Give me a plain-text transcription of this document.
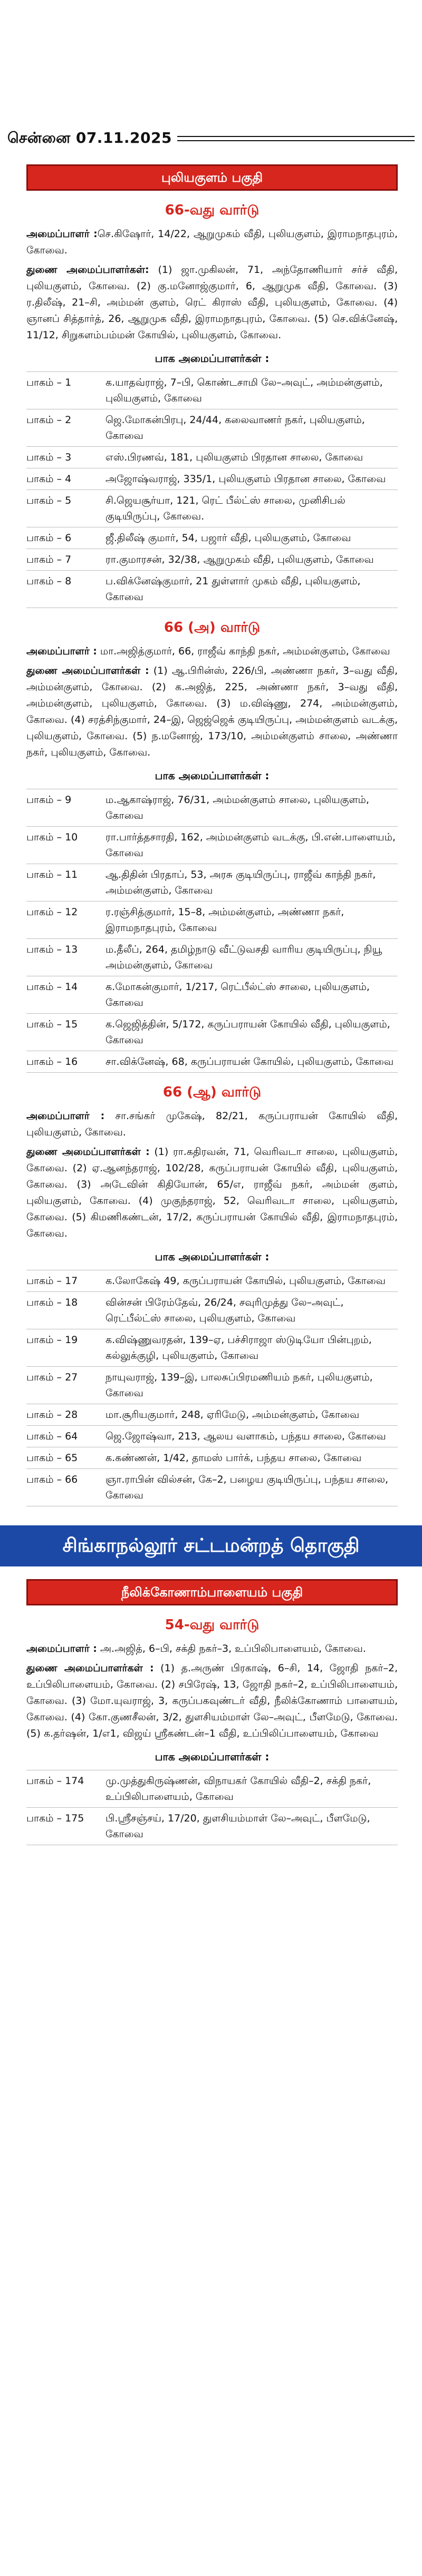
சென்னை 07.11.2025
புலியகுளம் பகுதி
66-வது வார்டு

அமைப்பாளர் :செ.கிஷோர், 14/22, ஆறுமுகம் வீதி, புலியகுளம், இராமநாதபுரம், கோவை.

துணை அமைப்பாளர்கள்: (1) ஜா.முகிலன், 71, அந்தோணியார் சர்ச் வீதி, புலியகுளம், கோவை. (2) கு.மனோஜ்குமார், 6, ஆறுமுக வீதி, கோவை. (3) ர.திலீஷ், 21–சி, அம்மன் குளம், ரெட் கிராஸ் வீதி, புலியகுளம், கோவை. (4) ஞானப் சித்தார்த், 26, ஆறுமுக வீதி, இராமநாதபுரம், கோவை. (5) செ.விக்னேஷ், 11/12, சிறுகளம்பம்மன் கோயில், புலியகுளம், கோவை.

பாக அமைப்பாளர்கள் :
பாகம் – 1	க.யாதவ்ராஜ், 7–பி, கொண்டசாமி லே–அவுட், அம்மன்குளம், புலியகுளம், கோவை
பாகம் – 2	ஜெ.மோகன்பிரபு, 24/44, கலைவாணர் நகர், புலியகுளம், கோவை
பாகம் – 3	எஸ்.பிரணவ், 181, புலியகுளம் பிரதான சாலை, கோவை
பாகம் – 4	அஜோஷ்வராஜ், 335/1, புலியகுளம் பிரதான சாலை, கோவை
பாகம் – 5	சி.ஜெயசூர்யா, 121, ரெட் பீல்ட்ஸ் சாலை, முனிசிபல் குடியிருப்பு, கோவை.
பாகம் – 6	ஜீ.திலீஷ் குமார், 54, பஜார் வீதி, புலியகுளம், கோவை
பாகம் – 7	ரா.குமாரசன், 32/38, ஆறுமுகம் வீதி, புலியகுளம், கோவை
பாகம் – 8	ப.விக்னேஷ்குமார், 21 துள்ளார் முகம் வீதி, புலியகுளம், கோவை
66 (அ) வார்டு

அமைப்பாளர் : மா.அஜித்குமார், 66, ராஜீவ் காந்தி நகர், அம்மன்குளம், கோவை

துணை அமைப்பாளர்கள் : (1) ஆ.பிரின்ஸ், 226/பி, அண்ணா நகர், 3–வது வீதி, அம்மன்குளம், கோவை. (2) க.அஜித், 225, அண்ணா நகர், 3–வது வீதி, அம்மன்குளம், புலியகுளம், கோவை. (3) ம.விஷ்ணு, 274, அம்மன்குளம், கோவை. (4) சரத்சிந்குமார், 24–இ, ஜெஜ்ஜெக் குடியிருப்பு, அம்மன்குளம் வடக்கு, புலியகுளம், கோவை. (5) ந.மனோஜ், 173/10, அம்மன்குளம் சாலை, அண்ணா நகர், புலியகுளம், கோவை.

பாக அமைப்பாளர்கள் :
பாகம் – 9	ம.ஆகாஷ்ராஜ், 76/31, அம்மன்குளம் சாலை, புலியகுளம், கோவை
பாகம் – 10	ரா.பார்த்தசாரதி, 162, அம்மன்குளம் வடக்கு, பி.என்.பாளையம், கோவை
பாகம் – 11	ஆ.திதின் பிரதாப், 53, அரசு குடியிருப்பு, ராஜீவ் காந்தி நகர், அம்மன்குளம், கோவை
பாகம் – 12	ர.ரஞ்சித்குமார், 15–8, அம்மன்குளம், அண்ணா நகர், இராமநாதபுரம், கோவை
பாகம் – 13	ம.தீலீப், 264, தமிழ்நாடு வீட்டுவசதி வாரிய குடியிருப்பு, நியூ அம்மன்குளம், கோவை
பாகம் – 14	க.மோகன்குமார், 1/217, ரெட்பீல்ட்ஸ் சாலை, புலியகுளம், கோவை
பாகம் – 15	க.ஜெஜித்தின், 5/172, கருப்பராயன் கோயில் வீதி, புலியகுளம், கோவை
பாகம் – 16	சா.விக்னேஷ், 68, கருப்பராயன் கோயில், புலியகுளம், கோவை
66 (ஆ) வார்டு

அமைப்பாளர் : சா.சங்கர் முகேஷ், 82/21, கருப்பராயன் கோயில் வீதி, புலியகுளம், கோவை.

துணை அமைப்பாளர்கள் : (1) ரா.கதிரவன், 71, வெரிவடா சாலை, புலியகுளம், கோவை. (2) ஏ.ஆனந்தராஜ், 102/28, கருப்பராயன் கோயில் வீதி, புலியகுளம், கோவை. (3) அடேவின் கிதியோன், 65/எ, ராஜீவ் நகர், அம்மன் குளம், புலியகுளம், கோவை. (4) முகுந்தராஜ், 52, வெரிவடா சாலை, புலியகுளம், கோவை. (5) கிமணிகண்டன், 17/2, கருப்பராயன் கோயில் வீதி, இராமநாதபுரம், கோவை.

பாக அமைப்பாளர்கள் :
பாகம் – 17	க.லோகேஷ் 49, கருப்பராயன் கோயில், புலியகுளம், கோவை
பாகம் – 18	வின்சன் பிரேம்தேவ், 26/24, சவுரிமுத்து லே–அவுட், ரெட்பீல்ட்ஸ் சாலை, புலியகுளம், கோவை
பாகம் – 19	க.விஷ்ணுவரதன், 139–ஏ, பச்சிராஜா ஸ்டுடியோ பின்புறம், கல்லுக்குழி, புலியகுளம், கோவை
பாகம் – 27	நாயுவராஜ், 139–இ, பாலசுப்பிரமணியம் நகர், புலியகுளம், கோவை
பாகம் – 28	மா.சூரியகுமார், 248, ஏரிமேடு, அம்மன்குளம், கோவை
பாகம் – 64	ஜெ.ஜோஷ்வா, 213, ஆலய வளாகம், பந்தய சாலை, கோவை
பாகம் – 65	க.கண்ணன், 1/42, தாமஸ் பார்க், பந்தய சாலை, கோவை
பாகம் – 66	ஞா.ராபின் வில்சன், கே–2, பழைய குடியிருப்பு, பந்தய சாலை, கோவை
சிங்காநல்லூர் சட்டமன்றத் தொகுதி
நீலிக்கோணாம்பாளையம் பகுதி
54-வது வார்டு

அமைப்பாளர் : அ.அஜித், 6–பி, சக்தி நகர்–3, உப்பிலிபாளையம், கோவை.

துணை அமைப்பாளர்கள் : (1) த.அருண் பிரகாஷ், 6–சி, 14, ஜோதி நகர்–2, உப்பிலிபாளையம், கோவை. (2) சபிரேஷ், 13, ஜோதி நகர்–2, உப்பிலிபாளையம், கோவை. (3) மோ.யுவராஜ், 3, கருப்பகவுண்டர் வீதி, நீலிக்கோணாம் பாளையம், கோவை. (4) கோ.குணசீலன், 3/2, துளசியம்மாள் லே–அவுட், பீளமேடு, கோவை. (5) க.தர்ஷன், 1/எ1, விஜய் ஸ்ரீகண்டன்–1 வீதி, உப்பிலிப்பாளையம், கோவை

பாக அமைப்பாளர்கள் :
பாகம் – 174	மு.முத்துகிருஷ்ணன், விநாயகர் கோயில் வீதி–2, சக்தி நகர், உப்பிலிபாளையம், கோவை
பாகம் – 175	பி.ஸ்ரீசஞ்சய், 17/20, துளசியம்மாள் லே–அவுட், பீளமேடு, கோவை
